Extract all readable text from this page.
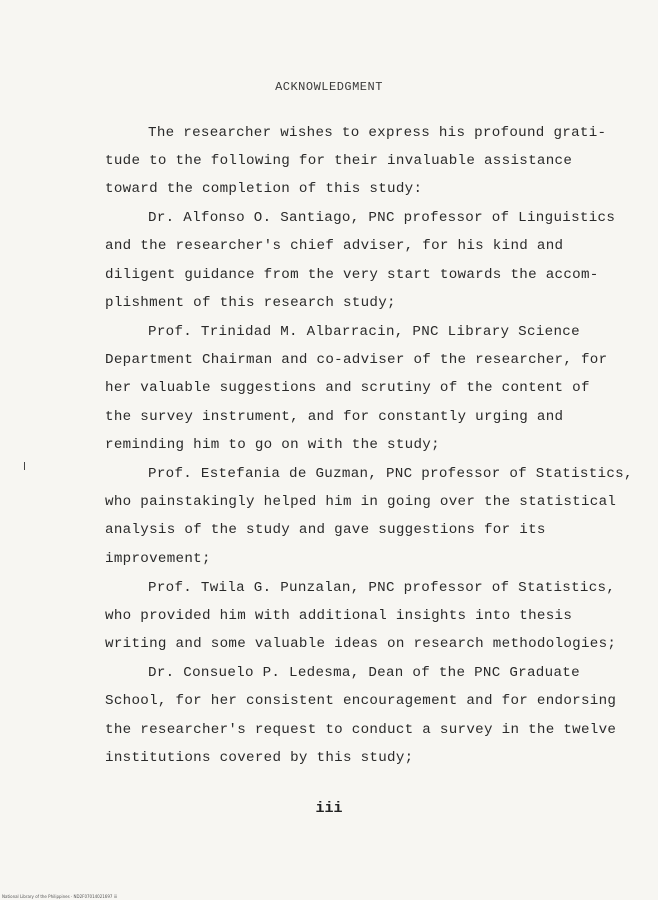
ACKNOWLEDGMENT
The researcher wishes to express his profound grati-
tude to the following for their invaluable assistance
toward the completion of this study:
Dr. Alfonso O. Santiago, PNC professor of Linguistics
and the researcher's chief adviser, for his kind and
diligent guidance from the very start towards the accom-
plishment of this research study;
Prof. Trinidad M. Albarracin, PNC Library Science
Department Chairman and co-adviser of the researcher, for
her valuable suggestions and scrutiny of the content of
the survey instrument, and for constantly urging and
reminding him to go on with the study;
Prof. Estefania de Guzman, PNC professor of Statistics,
who painstakingly helped him in going over the statistical
analysis of the study and gave suggestions for its
improvement;
Prof. Twila G. Punzalan, PNC professor of Statistics,
who provided him with additional insights into thesis
writing and some valuable ideas on research methodologies;
Dr. Consuelo P. Ledesma, Dean of the PNC Graduate
School, for her consistent encouragement and for endorsing
the researcher's request to conduct a survey in the twelve
institutions covered by this study;
iii
National Library of the Philippines · ND2F07014021697 iii
